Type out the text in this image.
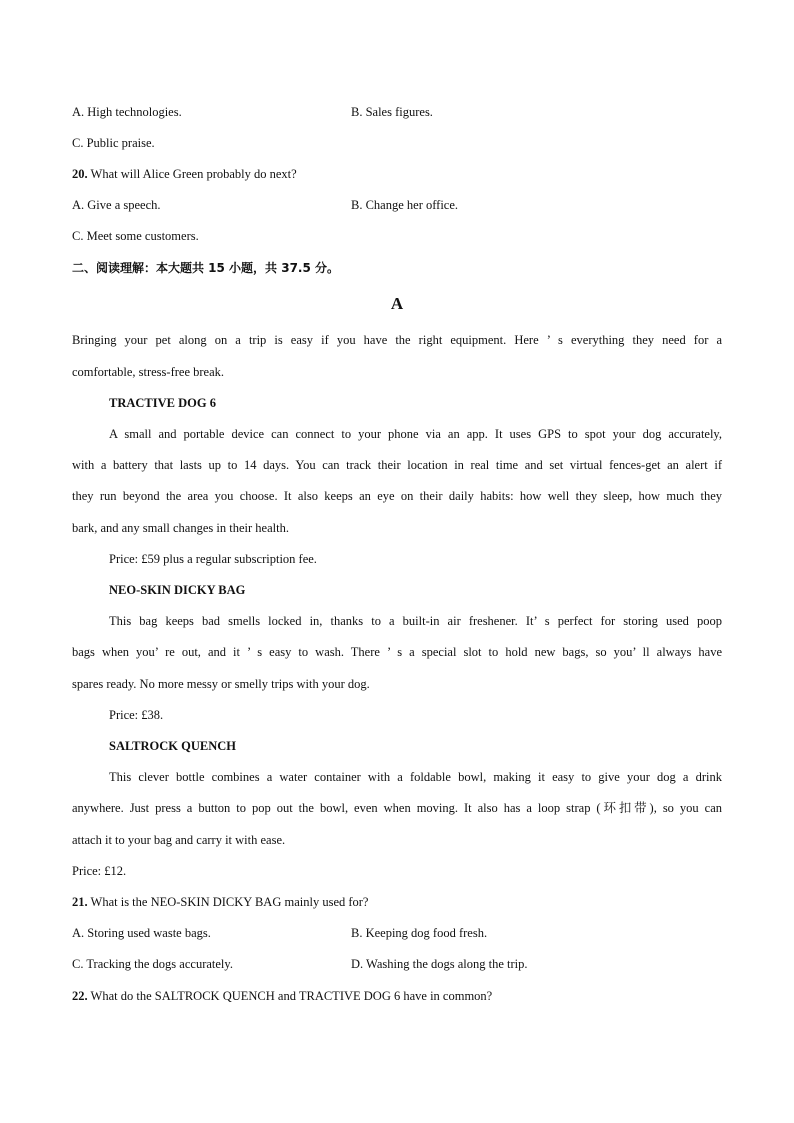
A. High technologies.	B. Sales figures.
C. Public praise.
20. What will Alice Green probably do next?
A. Give a speech.	B. Change her office.
C. Meet some customers.
二、阅读理解：本大题共 15 小题，共 37.5 分。
A
Bringing your pet along on a trip is easy if you have the right equipment. Here ’ s everything they need for a
comfortable, stress-free break.
TRACTIVE DOG 6
A small and portable device can connect to your phone via an app. It uses GPS to spot your dog accurately,
with a battery that lasts up to 14 days. You can track their location in real time and set virtual fences-get an alert if
they run beyond the area you choose. It also keeps an eye on their daily habits: how well they sleep, how much they
bark, and any small changes in their health.
Price: £59 plus a regular subscription fee.
NEO-SKIN DICKY BAG
This bag keeps bad smells locked in, thanks to a built-in air freshener. It’ s perfect for storing used poop
bags when you’ re out, and it ’ s easy to wash. There ’ s a special slot to hold new bags, so you’ ll always have
spares ready. No more messy or smelly trips with your dog.
Price: £38.
SALTROCK QUENCH
This clever bottle combines a water container with a foldable bowl, making it easy to give your dog a drink
anywhere. Just press a button to pop out the bowl, even when moving. It also has a loop strap (环扣带), so you can
attach it to your bag and carry it with ease.
Price: £12.
21. What is the NEO-SKIN DICKY BAG mainly used for?
A. Storing used waste bags.	B. Keeping dog food fresh.
C. Tracking the dogs accurately.	D. Washing the dogs along the trip.
22. What do the SALTROCK QUENCH and TRACTIVE DOG 6 have in common?
